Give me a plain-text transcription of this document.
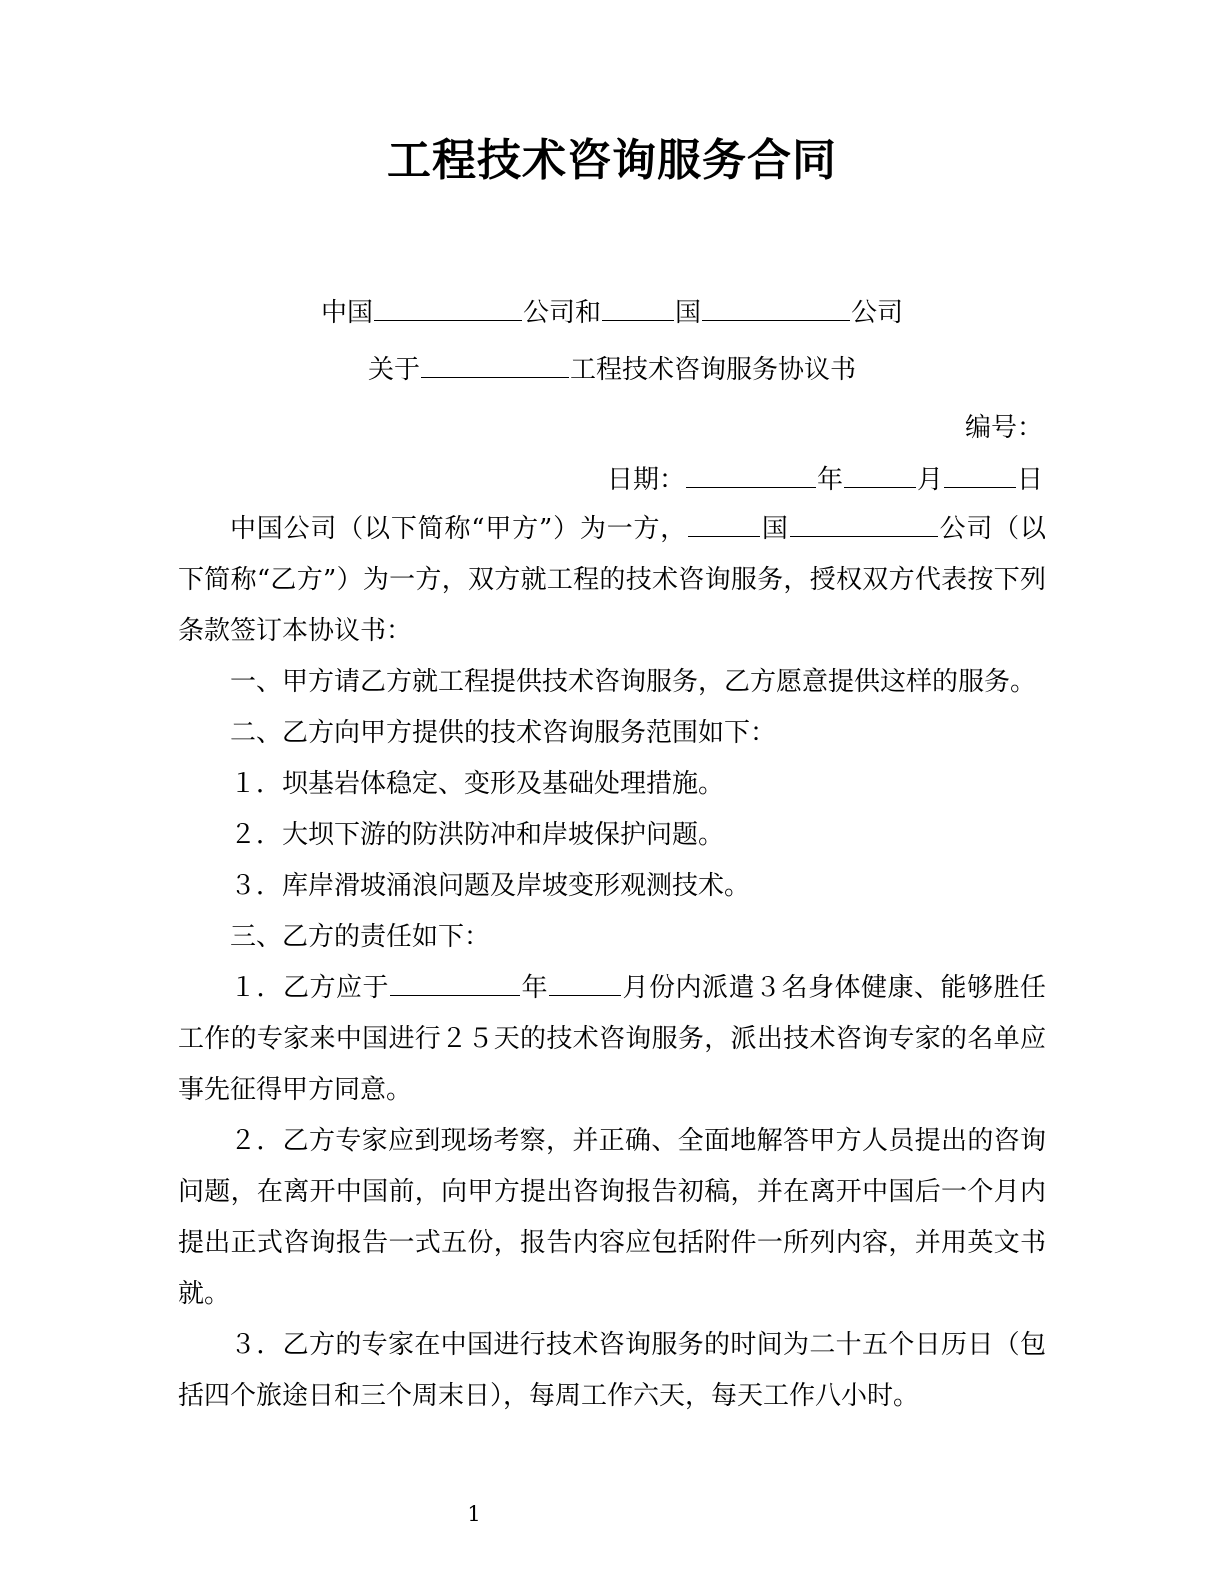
工程技术咨询服务合同
中国	公司和	国	公司
关于	工程技术咨询服务协议书
编号：
日期：	年	月	日

中国公司（以下简称“甲方”）为一方，	国	公司（以下简称“乙方”）为一方，双方就工程的技术咨询服务，授权双方代表按下列条款签订本协议书：

一、甲方请乙方就工程提供技术咨询服务，乙方愿意提供这样的服务。

二、乙方向甲方提供的技术咨询服务范围如下：

１．坝基岩体稳定、变形及基础处理措施。

２．大坝下游的防洪防冲和岸坡保护问题。

３．库岸滑坡涌浪问题及岸坡变形观测技术。

三、乙方的责任如下：

１．乙方应于	年	月份内派遣３名身体健康、能够胜任工作的专家来中国进行２５天的技术咨询服务，派出技术咨询专家的名单应事先征得甲方同意。

２．乙方专家应到现场考察，并正确、全面地解答甲方人员提出的咨询问题，在离开中国前，向甲方提出咨询报告初稿，并在离开中国后一个月内提出正式咨询报告一式五份，报告内容应包括附件一所列内容，并用英文书就。

３．乙方的专家在中国进行技术咨询服务的时间为二十五个日历日（包括四个旅途日和三个周末日），每周工作六天，每天工作八小时。

1
